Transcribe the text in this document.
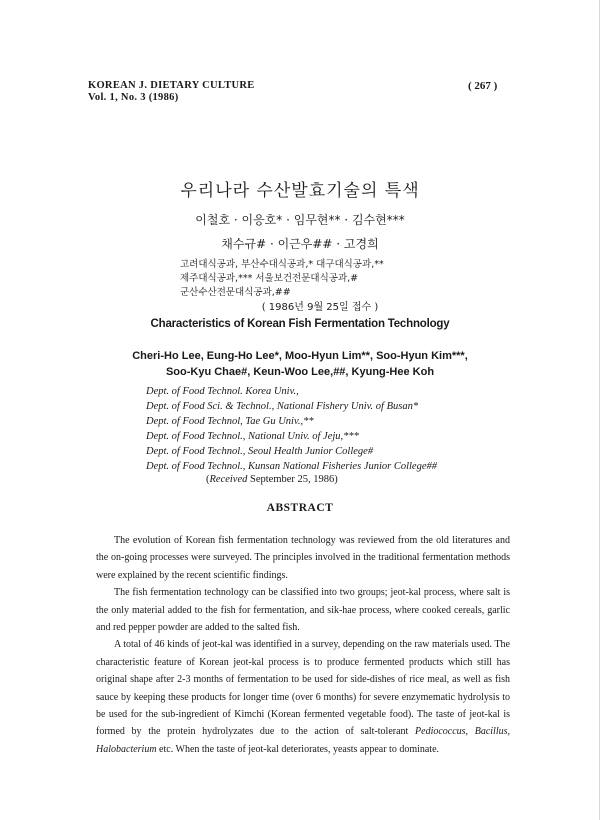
KOREAN J. DIETARY CULTURE
Vol. 1, No. 3 (1986)
( 267 )
우리나라 수산발효기술의 특색
이철호 · 이응호* · 임무현** · 김수현***
채수규# · 이근우## · 고경희
고려대식공과, 부산수대식공과,* 대구대식공과,**
제주대식공과,*** 서울보건전문대식공과,#
군산수산전문대식공과,##
( 1986년 9월 25일 접수 )
Characteristics of Korean Fish Fermentation Technology
Cheri-Ho Lee, Eung-Ho Lee*, Moo-Hyun Lim**, Soo-Hyun Kim***,
Soo-Kyu Chae#, Keun-Woo Lee,##, Kyung-Hee Koh
Dept. of Food Technol. Korea Univ.,
Dept. of Food Sci. & Technol., National Fishery Univ. of Busan*
Dept. of Food Technol, Tae Gu Univ.,**
Dept. of Food Technol., National Univ. of Jeju,***
Dept. of Food Technol., Seoul Health Junior College#
Dept. of Food Technol., Kunsan National Fisheries Junior College##
(Received September 25, 1986)
ABSTRACT

The evolution of Korean fish fermentation technology was reviewed from the old literatures and the on-going processes were surveyed. The principles involved in the traditional fermentation methods were explained by the recent scientific findings.

The fish fermentation technology can be classified into two groups; jeot-kal process, where salt is the only material added to the fish for fermentation, and sik-hae process, where cooked cereals, garlic and red pepper powder are added to the salted fish.

A total of 46 kinds of jeot-kal was identified in a survey, depending on the raw materials used. The characteristic feature of Korean jeot-kal process is to produce fermented products which still has original shape after 2-3 months of fermentation to be used for side-dishes of rice meal, as well as fish sauce by keeping these products for longer time (over 6 months) for severe enzymematic hydrolysis to be used for the sub-ingredient of Kimchi (Korean fermented vegetable food). The taste of jeot-kal is formed by the protein hydrolyzates due to the action of salt-tolerant Pediococcus, Bacillus, Halobacterium etc. When the taste of jeot-kal deteriorates, yeasts appear to dominate.
